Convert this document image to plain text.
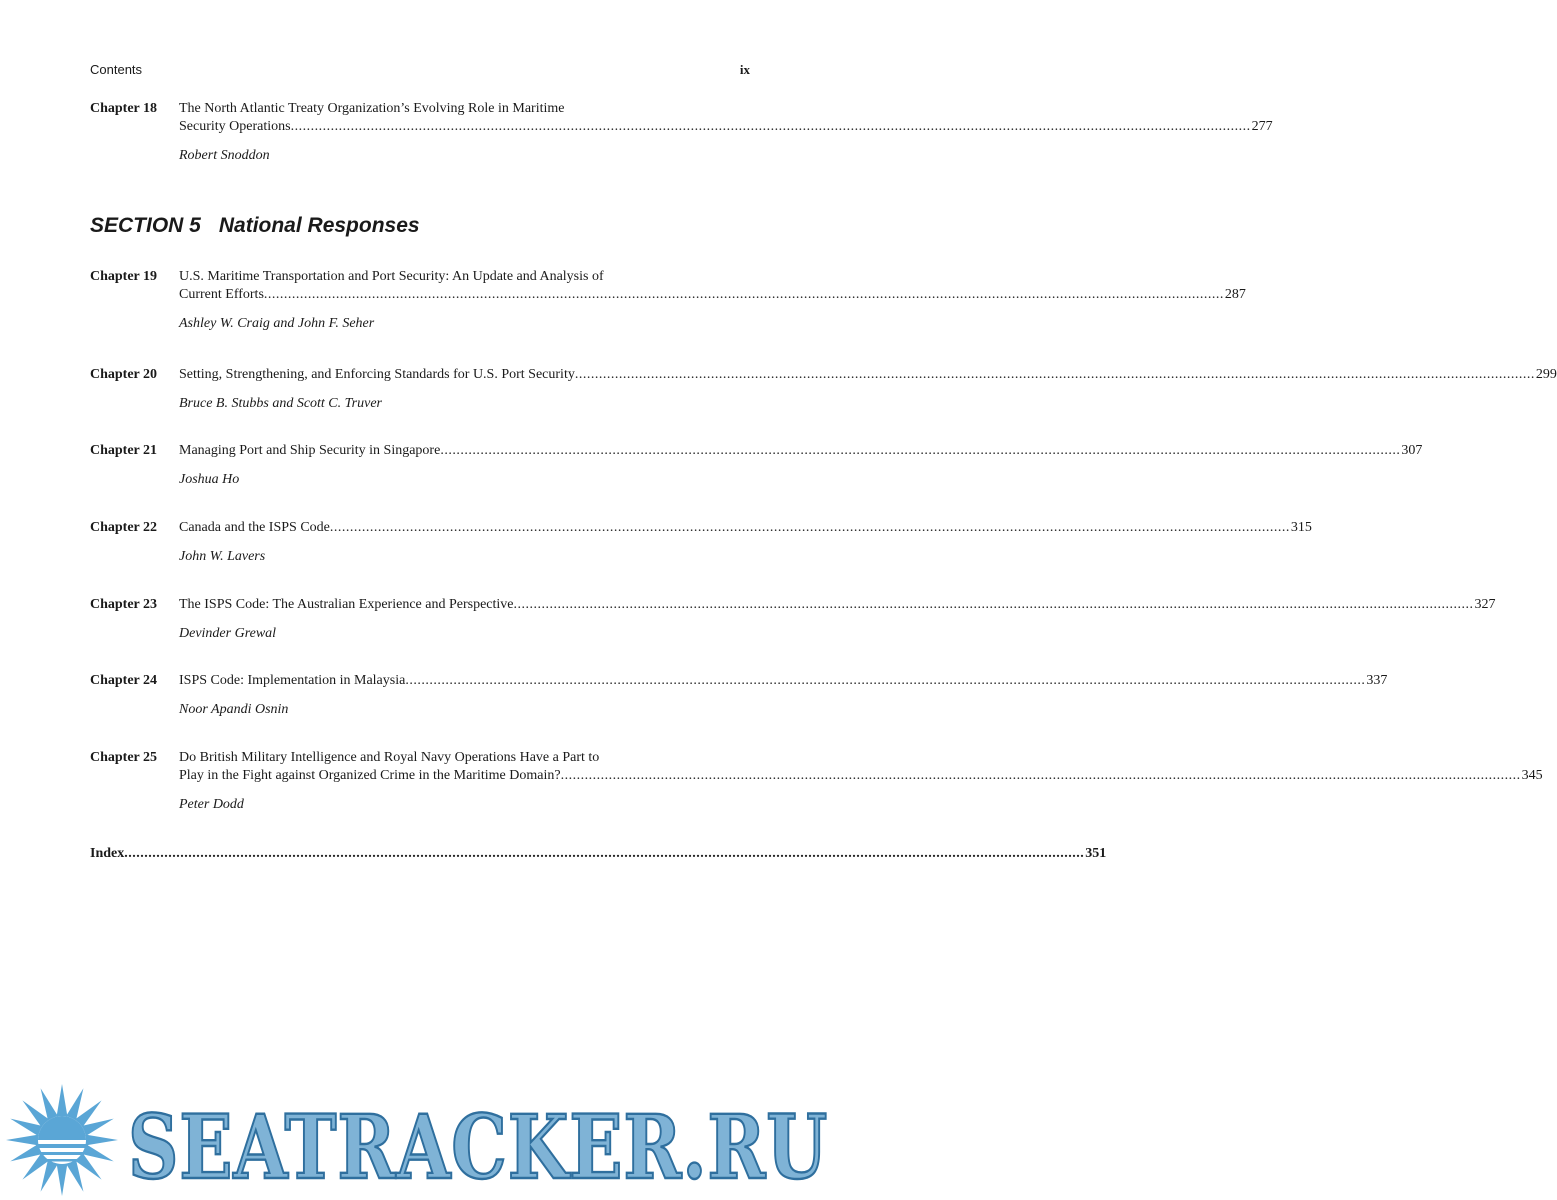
Contents	ix
Chapter 18 The North Atlantic Treaty Organization’s Evolving Role in Maritime
Security Operations .....	277
Robert Snoddon
SECTION 5 National Responses
Chapter 19 U.S. Maritime Transportation and Port Security: An Update and Analysis of
Current Efforts .....	287
Ashley W. Craig and John F. Seher
Chapter 20 Setting, Strengthening, and Enforcing Standards for U.S. Port Security .....	299
Bruce B. Stubbs and Scott C. Truver
Chapter 21 Managing Port and Ship Security in Singapore .....	307
Joshua Ho
Chapter 22 Canada and the ISPS Code .....	315
John W. Lavers
Chapter 23 The ISPS Code: The Australian Experience and Perspective .....	327
Devinder Grewal
Chapter 24 ISPS Code: Implementation in Malaysia .....	337
Noor Apandi Osnin
Chapter 25 Do British Military Intelligence and Royal Navy Operations Have a Part to
Play in the Fight against Organized Crime in the Maritime Domain? .....	345
Peter Dodd
Index .....	351
SEATRACKER.RU
